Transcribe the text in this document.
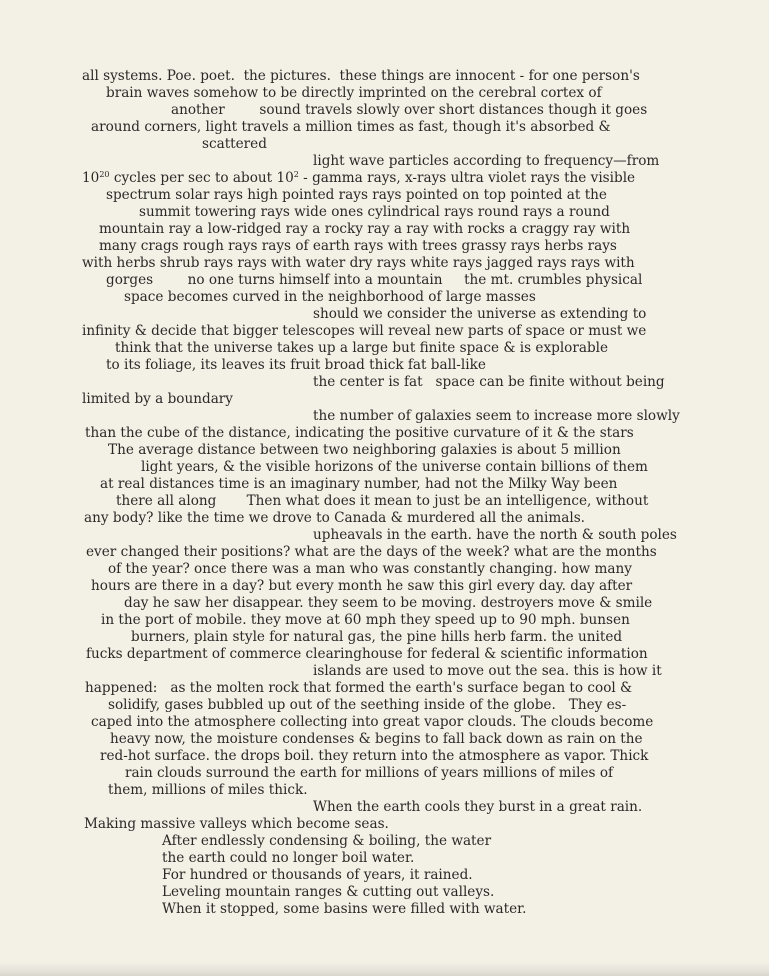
all systems. Poe. poet.  the pictures.  these things are innocent - for one person's
brain waves somehow to be directly imprinted on the cerebral cortex of
another        sound travels slowly over short distances though it goes
around corners, light travels a million times as fast, though it's absorbed &
scattered
light wave particles according to frequency—from
$10^{20}$ cycles per sec to about $10^2$ - gamma rays, x-rays ultra violet rays the visible
spectrum solar rays high pointed rays rays pointed on top pointed at the
summit towering rays wide ones cylindrical rays round rays a round
mountain ray a low-ridged ray a rocky ray a ray with rocks a craggy ray with
many crags rough rays rays of earth rays with trees grassy rays herbs rays
with herbs shrub rays rays with water dry rays white rays jagged rays rays with
gorges        no one turns himself into a mountain     the mt. crumbles physical
space becomes curved in the neighborhood of large masses
should we consider the universe as extending to
infinity & decide that bigger telescopes will reveal new parts of space or must we
think that the universe takes up a large but finite space & is explorable
to its foliage, its leaves its fruit broad thick fat ball-like
the center is fat   space can be finite without being
limited by a boundary
the number of galaxies seem to increase more slowly
than the cube of the distance, indicating the positive curvature of it & the stars
The average distance between two neighboring galaxies is about 5 million
light years, & the visible horizons of the universe contain billions of them
at real distances time is an imaginary number, had not the Milky Way been
there all along       Then what does it mean to just be an intelligence, without
any body? like the time we drove to Canada & murdered all the animals.
upheavals in the earth. have the north & south poles
ever changed their positions? what are the days of the week? what are the months
of the year? once there was a man who was constantly changing. how many
hours are there in a day? but every month he saw this girl every day. day after
day he saw her disappear. they seem to be moving. destroyers move & smile
in the port of mobile. they move at 60 mph they speed up to 90 mph. bunsen
burners, plain style for natural gas, the pine hills herb farm. the united
fucks department of commerce clearinghouse for federal & scientific information
islands are used to move out the sea. this is how it
happened:   as the molten rock that formed the earth's surface began to cool &
solidify, gases bubbled up out of the seething inside of the globe.   They es-
caped into the atmosphere collecting into great vapor clouds. The clouds become
heavy now, the moisture condenses & begins to fall back down as rain on the
red-hot surface. the drops boil. they return into the atmosphere as vapor. Thick
rain clouds surround the earth for millions of years millions of miles of
them, millions of miles thick.
When the earth cools they burst in a great rain.
Making massive valleys which become seas.
After endlessly condensing & boiling, the water
the earth could no longer boil water.
For hundred or thousands of years, it rained.
Leveling mountain ranges & cutting out valleys.
When it stopped, some basins were filled with water.
